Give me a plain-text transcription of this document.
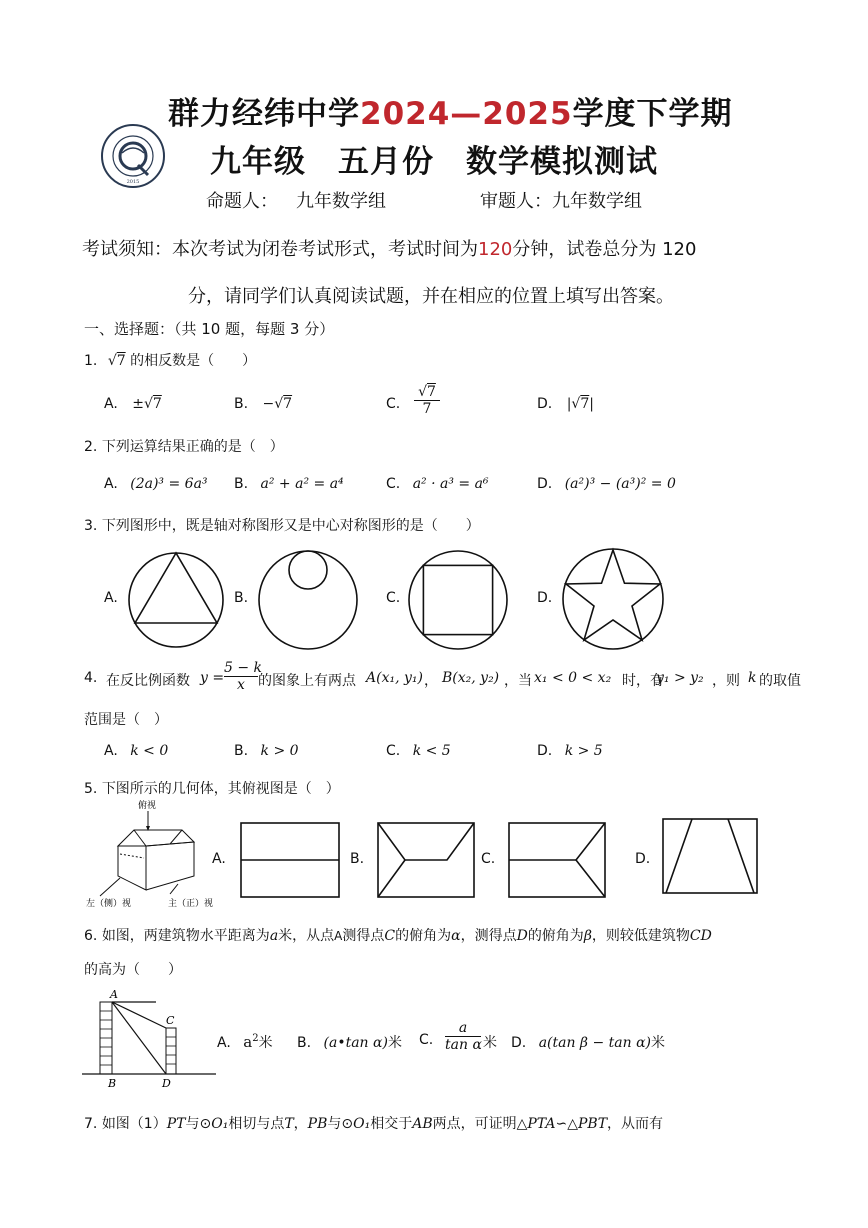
2015
群力经纬中学2024—2025学度下学期
九年级　五月份　数学模拟测试
命题人： 九年数学组	审题人：九年数学组
考试须知：本次考试为闭卷考试形式，考试时间为120分钟，试卷总分为 120
分，请同学们认真阅读试题，并在相应的位置上填写出答案。
一、选择题：（共 10 题，每题 3 分）
1. √7 的相反数是（　　）
A. ±√7	B. −√7	C.
√7
7	D. |√7|
2. 下列运算结果正确的是（　）
A. (2a)³ = 6a³ B. a² + a² = a⁴	C. a² · a³ = a⁶	D. (a²)³ − (a³)² = 0
3. 下列图形中，既是轴对称图形又是中心对称图形的是（　　）
A.	B.	C.	D.
4. 在反比例函数 y =
5 − k
x 的图象上有两点 A(x₁, y₁) ， B(x₂, y₂) ，当 x₁ < 0 < x₂ 时，有
y₁ > y₂ ，则 k 的取值
范围是（　）
A. k < 0	B. k > 0	C. k < 5	D. k > 5
5. 下图所示的几何体，其俯视图是（　）
俯视
左（侧）视	主（正）视
A.	B.	C.	D.
6. 如图，两建筑物水平距离为a米，从点A测得点C的俯角为α，测得点D的俯角为β，则较低建筑物CD
的高为（　　）
A
C
B	D
A. $a^2$米 B. (a•tan α)米 C.
a
tan α 米 D. a(tan β − tan α)米
7. 如图（1）PT与⊙O₁相切与点T，PB与⊙O₁相交于AB两点，可证明△PTA∽△PBT，从而有
